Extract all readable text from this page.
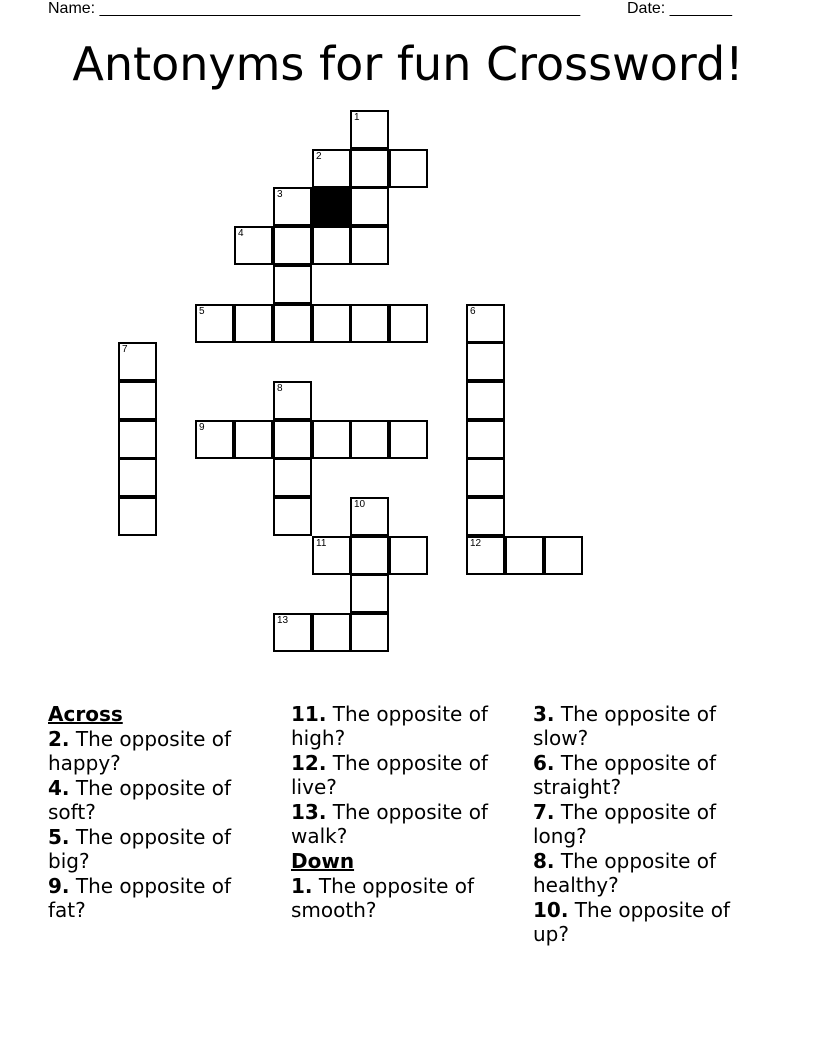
Name: ______________________________________________________	Date: _______
Antonyms for fun Crossword!
1
2
3
4
5	6
7
8
9
10
11	12
13
Across
2. The opposite of happy?
4. The opposite of soft?
5. The opposite of big?
9. The opposite of fat?
11. The opposite of high?
12. The opposite of live?
13. The opposite of walk?
Down
1. The opposite of smooth?
3. The opposite of slow?
6. The opposite of straight?
7. The opposite of long?
8. The opposite of healthy?
10. The opposite of up?
